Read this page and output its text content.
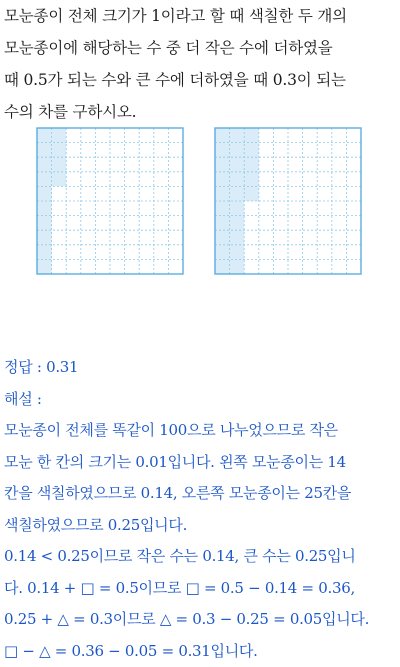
모눈종이 전체 크기가 1이라고 할 때 색칠한 두 개의
모눈종이에 해당하는 수 중 더 작은 수에 더하였을
때 0.5가 되는 수와 큰 수에 더하였을 때 0.3이 되는
수의 차를 구하시오.
정답 : 0.31
해설 :
모눈종이 전체를 똑같이 100으로 나누었으므로 작은
모눈 한 칸의 크기는 0.01입니다. 왼쪽 모눈종이는 14
칸을 색칠하였으므로 0.14, 오른쪽 모눈종이는 25칸을
색칠하였으므로 0.25입니다.
0.14 < 0.25이므로 작은 수는 0.14, 큰 수는 0.25입니
다. 0.14 + □ = 0.5이므로 □ = 0.5 − 0.14 = 0.36,
0.25 + △ = 0.3이므로 △ = 0.3 − 0.25 = 0.05입니다.
□ − △ = 0.36 − 0.05 = 0.31입니다.
